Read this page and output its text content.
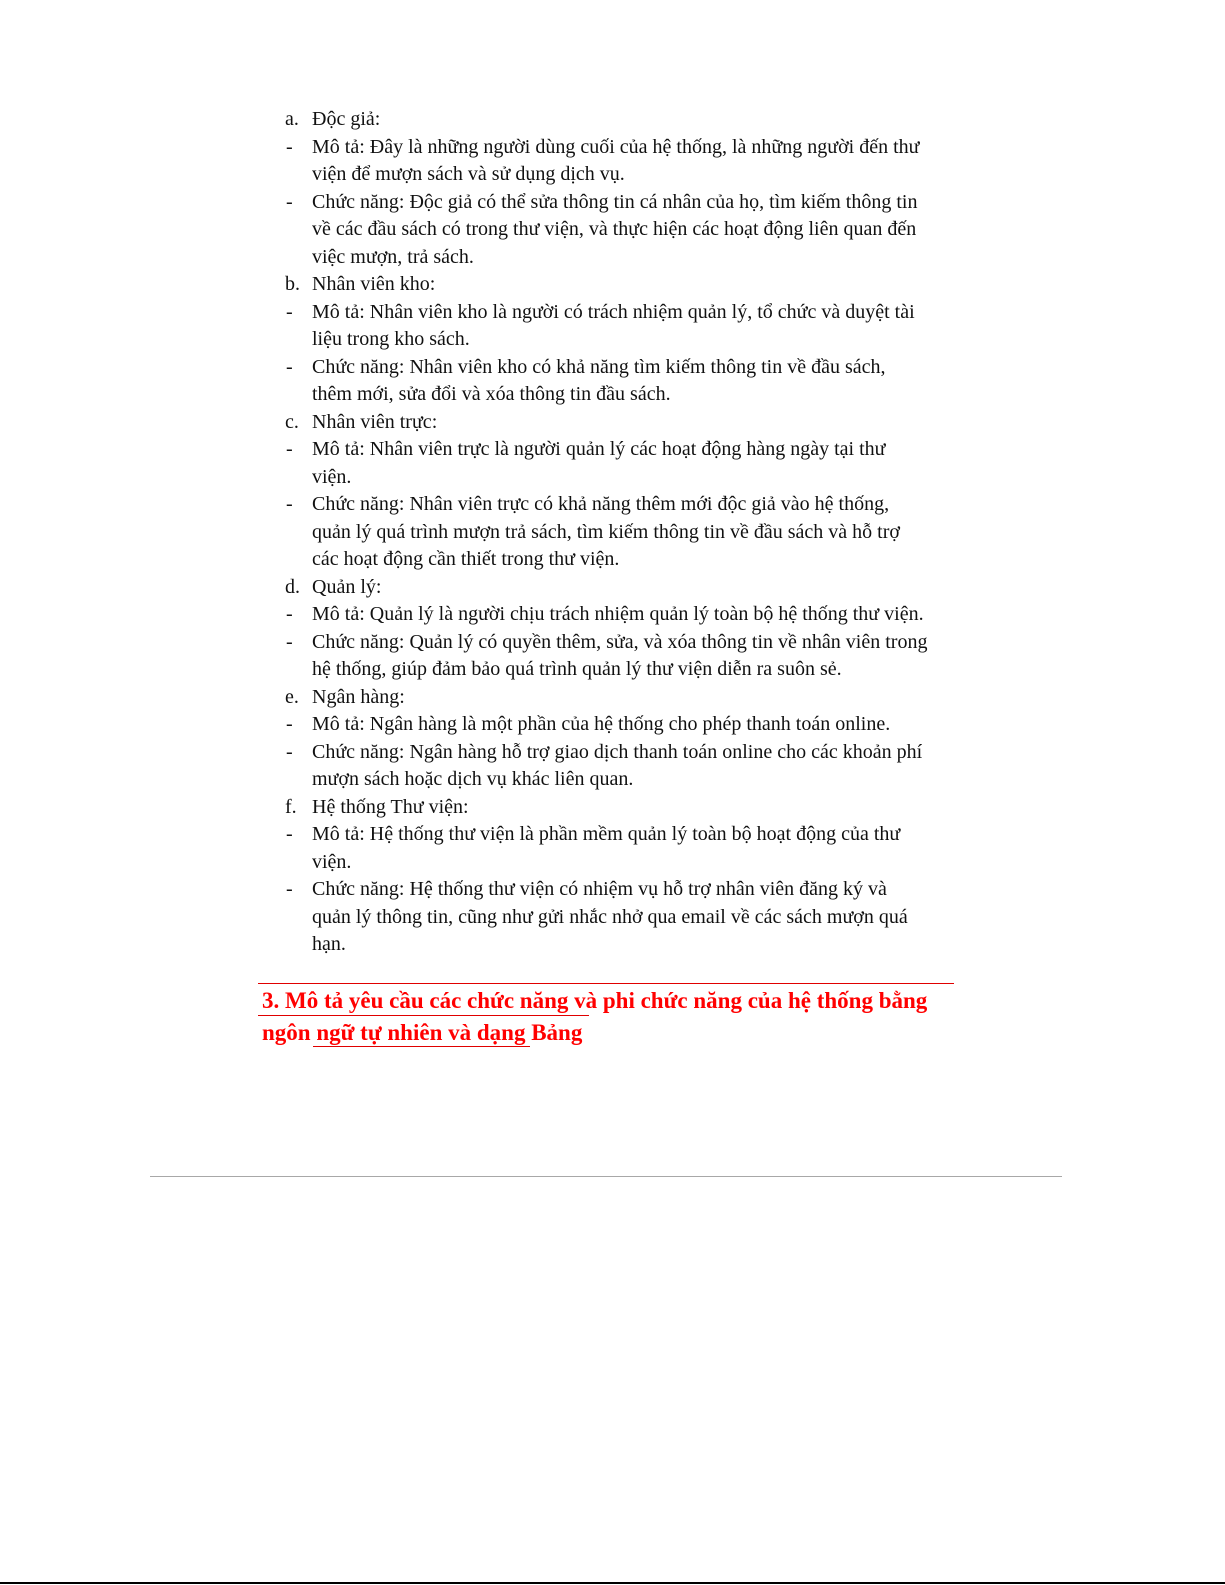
a. Độc giả:
- Mô tả: Đây là những người dùng cuối của hệ thống, là những người đến thư
viện để mượn sách và sử dụng dịch vụ.
- Chức năng: Độc giả có thể sửa thông tin cá nhân của họ, tìm kiếm thông tin
về các đầu sách có trong thư viện, và thực hiện các hoạt động liên quan đến
việc mượn, trả sách.
b. Nhân viên kho:
- Mô tả: Nhân viên kho là người có trách nhiệm quản lý, tổ chức và duyệt tài
liệu trong kho sách.
- Chức năng: Nhân viên kho có khả năng tìm kiếm thông tin về đầu sách,
thêm mới, sửa đổi và xóa thông tin đầu sách.
c. Nhân viên trực:
- Mô tả: Nhân viên trực là người quản lý các hoạt động hàng ngày tại thư
viện.
- Chức năng: Nhân viên trực có khả năng thêm mới độc giả vào hệ thống,
quản lý quá trình mượn trả sách, tìm kiếm thông tin về đầu sách và hỗ trợ
các hoạt động cần thiết trong thư viện.
d. Quản lý:
- Mô tả: Quản lý là người chịu trách nhiệm quản lý toàn bộ hệ thống thư viện.
- Chức năng: Quản lý có quyền thêm, sửa, và xóa thông tin về nhân viên trong
hệ thống, giúp đảm bảo quá trình quản lý thư viện diễn ra suôn sẻ.
e. Ngân hàng:
- Mô tả: Ngân hàng là một phần của hệ thống cho phép thanh toán online.
- Chức năng: Ngân hàng hỗ trợ giao dịch thanh toán online cho các khoản phí
mượn sách hoặc dịch vụ khác liên quan.
f. Hệ thống Thư viện:
- Mô tả: Hệ thống thư viện là phần mềm quản lý toàn bộ hoạt động của thư
viện.
- Chức năng: Hệ thống thư viện có nhiệm vụ hỗ trợ nhân viên đăng ký và
quản lý thông tin, cũng như gửi nhắc nhở qua email về các sách mượn quá
hạn.
3. Mô tả yêu cầu các chức năng và phi chức năng của hệ thống bằng
ngôn ngữ tự nhiên và dạng Bảng
